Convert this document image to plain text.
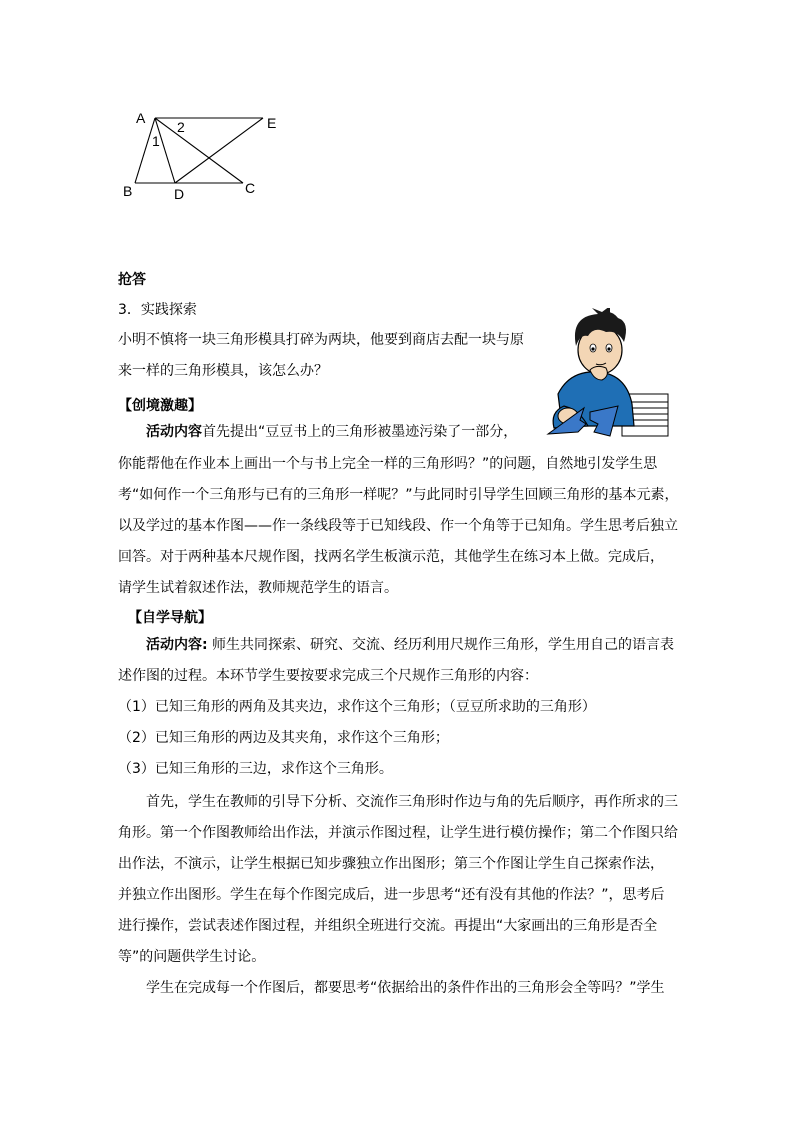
A	E
B	D	C
1
2
抢答
3．实践探索
小明不慎将一块三角形模具打碎为两块，他要到商店去配一块与原
来一样的三角形模具，该怎么办？
【创境激趣】
活动内容首先提出“豆豆书上的三角形被墨迹污染了一部分，
你能帮他在作业本上画出一个与书上完全一样的三角形吗？”的问题，自然地引发学生思
考“如何作一个三角形与已有的三角形一样呢？”与此同时引导学生回顾三角形的基本元素，
以及学过的基本作图——作一条线段等于已知线段、作一个角等于已知角。学生思考后独立
回答。对于两种基本尺规作图，找两名学生板演示范，其他学生在练习本上做。完成后，
请学生试着叙述作法，教师规范学生的语言。
【自学导航】
活动内容: 师生共同探索、研究、交流、经历利用尺规作三角形，学生用自己的语言表
述作图的过程。本环节学生要按要求完成三个尺规作三角形的内容：
（1）已知三角形的两角及其夹边，求作这个三角形；（豆豆所求助的三角形）
（2）已知三角形的两边及其夹角，求作这个三角形；
（3）已知三角形的三边，求作这个三角形。
首先，学生在教师的引导下分析、交流作三角形时作边与角的先后顺序，再作所求的三
角形。第一个作图教师给出作法，并演示作图过程，让学生进行模仿操作；第二个作图只给
出作法，不演示，让学生根据已知步骤独立作出图形；第三个作图让学生自己探索作法，
并独立作出图形。学生在每个作图完成后，进一步思考“还有没有其他的作法？”，思考后
进行操作，尝试表述作图过程，并组织全班进行交流。再提出“大家画出的三角形是否全
等”的问题供学生讨论。
学生在完成每一个作图后，都要思考“依据给出的条件作出的三角形会全等吗？”学生
